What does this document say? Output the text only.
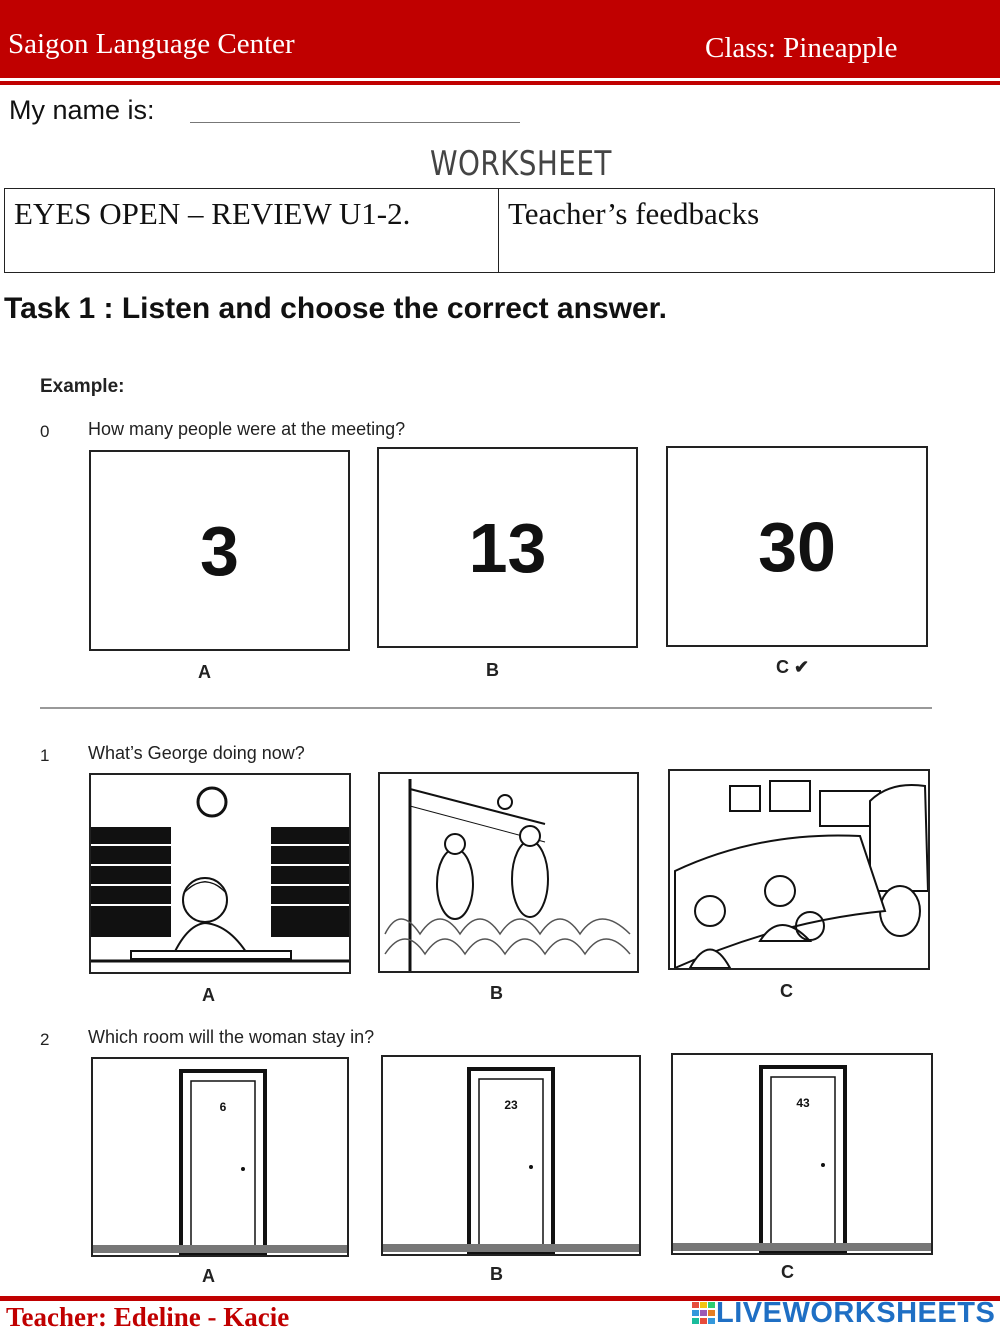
Saigon Language Center	Class: Pineapple
My name is:
WORKSHEET
EYES OPEN – REVIEW U1-2.	Teacher’s feedbacks
Task 1 : Listen and choose the correct answer.
Example:
0 How many people were at the meeting?
3	13	30
A	B	C ✔
1 What’s George doing now?
A	B	C
2 Which room will the woman stay in?
6	23	43
A	B	C
Teacher: Edeline - Kacie	LIVEWORKSHEETS
